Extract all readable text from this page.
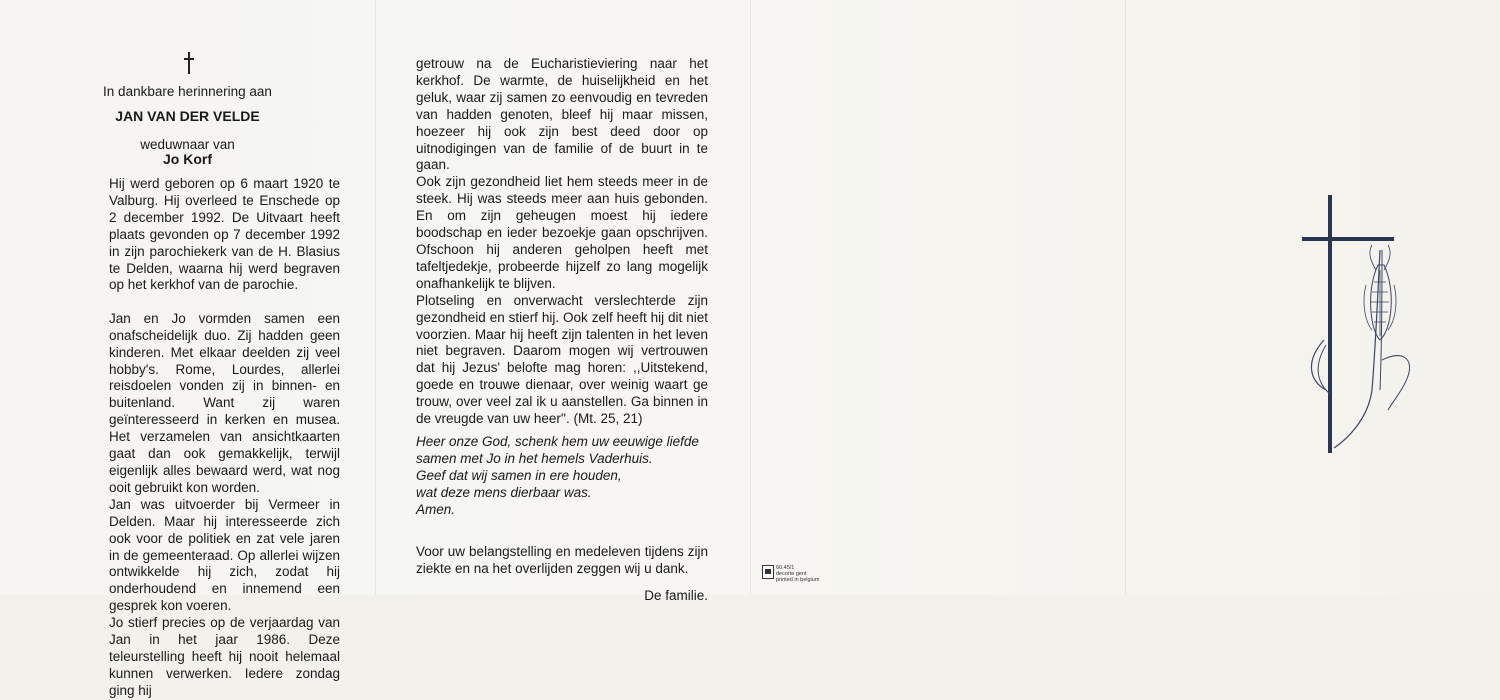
In dankbare herinnering aan
JAN VAN DER VELDE
weduwnaar van
Jo Korf

Hij werd geboren op 6 maart 1920 te Valburg. Hij overleed te Enschede op 2 december 1992. De Uitvaart heeft plaats gevonden op 7 december 1992 in zijn parochiekerk van de H. Blasius te Delden, waarna hij werd begraven op het kerkhof van de parochie.

Jan en Jo vormden samen een onafscheidelijk duo. Zij hadden geen kinderen. Met elkaar deelden zij veel hobby's. Rome, Lourdes, allerlei reisdoelen vonden zij in binnen- en buitenland. Want zij waren geïnteresseerd in kerken en musea. Het verzamelen van ansichtkaarten gaat dan ook gemakkelijk, terwijl eigenlijk alles bewaard werd, wat nog ooit gebruikt kon worden.

Jan was uitvoerder bij Vermeer in Delden. Maar hij interesseerde zich ook voor de politiek en zat vele jaren in de gemeenteraad. Op allerlei wijzen ontwikkelde hij zich, zodat hij onderhoudend en innemend een gesprek kon voeren.

Jo stierf precies op de verjaardag van Jan in het jaar 1986. Deze teleurstelling heeft hij nooit helemaal kunnen verwerken. Iedere zondag ging hij

getrouw na de Eucharistieviering naar het kerkhof. De warmte, de huiselijkheid en het geluk, waar zij samen zo eenvoudig en tevreden van hadden genoten, bleef hij maar missen, hoezeer hij ook zijn best deed door op uitnodigingen van de familie of de buurt in te gaan.

Ook zijn gezondheid liet hem steeds meer in de steek. Hij was steeds meer aan huis gebonden. En om zijn geheugen moest hij iedere boodschap en ieder bezoekje gaan opschrijven. Ofschoon hij anderen geholpen heeft met tafeltjedekje, probeerde hijzelf zo lang mogelijk onafhankelijk te blijven.

Plotseling en onverwacht verslechterde zijn gezondheid en stierf hij. Ook zelf heeft hij dit niet voorzien. Maar hij heeft zijn talenten in het leven niet begraven. Daarom mogen wij vertrouwen dat hij Jezus' belofte mag horen: ,,Uitstekend, goede en trouwe dienaar, over weinig waart ge trouw, over veel zal ik u aanstellen. Ga binnen in de vreugde van uw heer''. (Mt. 25, 21)

Heer onze God, schenk hem uw eeuwige liefde
samen met Jo in het hemels Vaderhuis.
Geef dat wij samen in ere houden,
wat deze mens dierbaar was.
Amen.

Voor uw belangstelling en medeleven tijdens zijn ziekte en na het overlijden zeggen wij u dank.

De familie.
60.45/1
decorte gent
printed in belgium
